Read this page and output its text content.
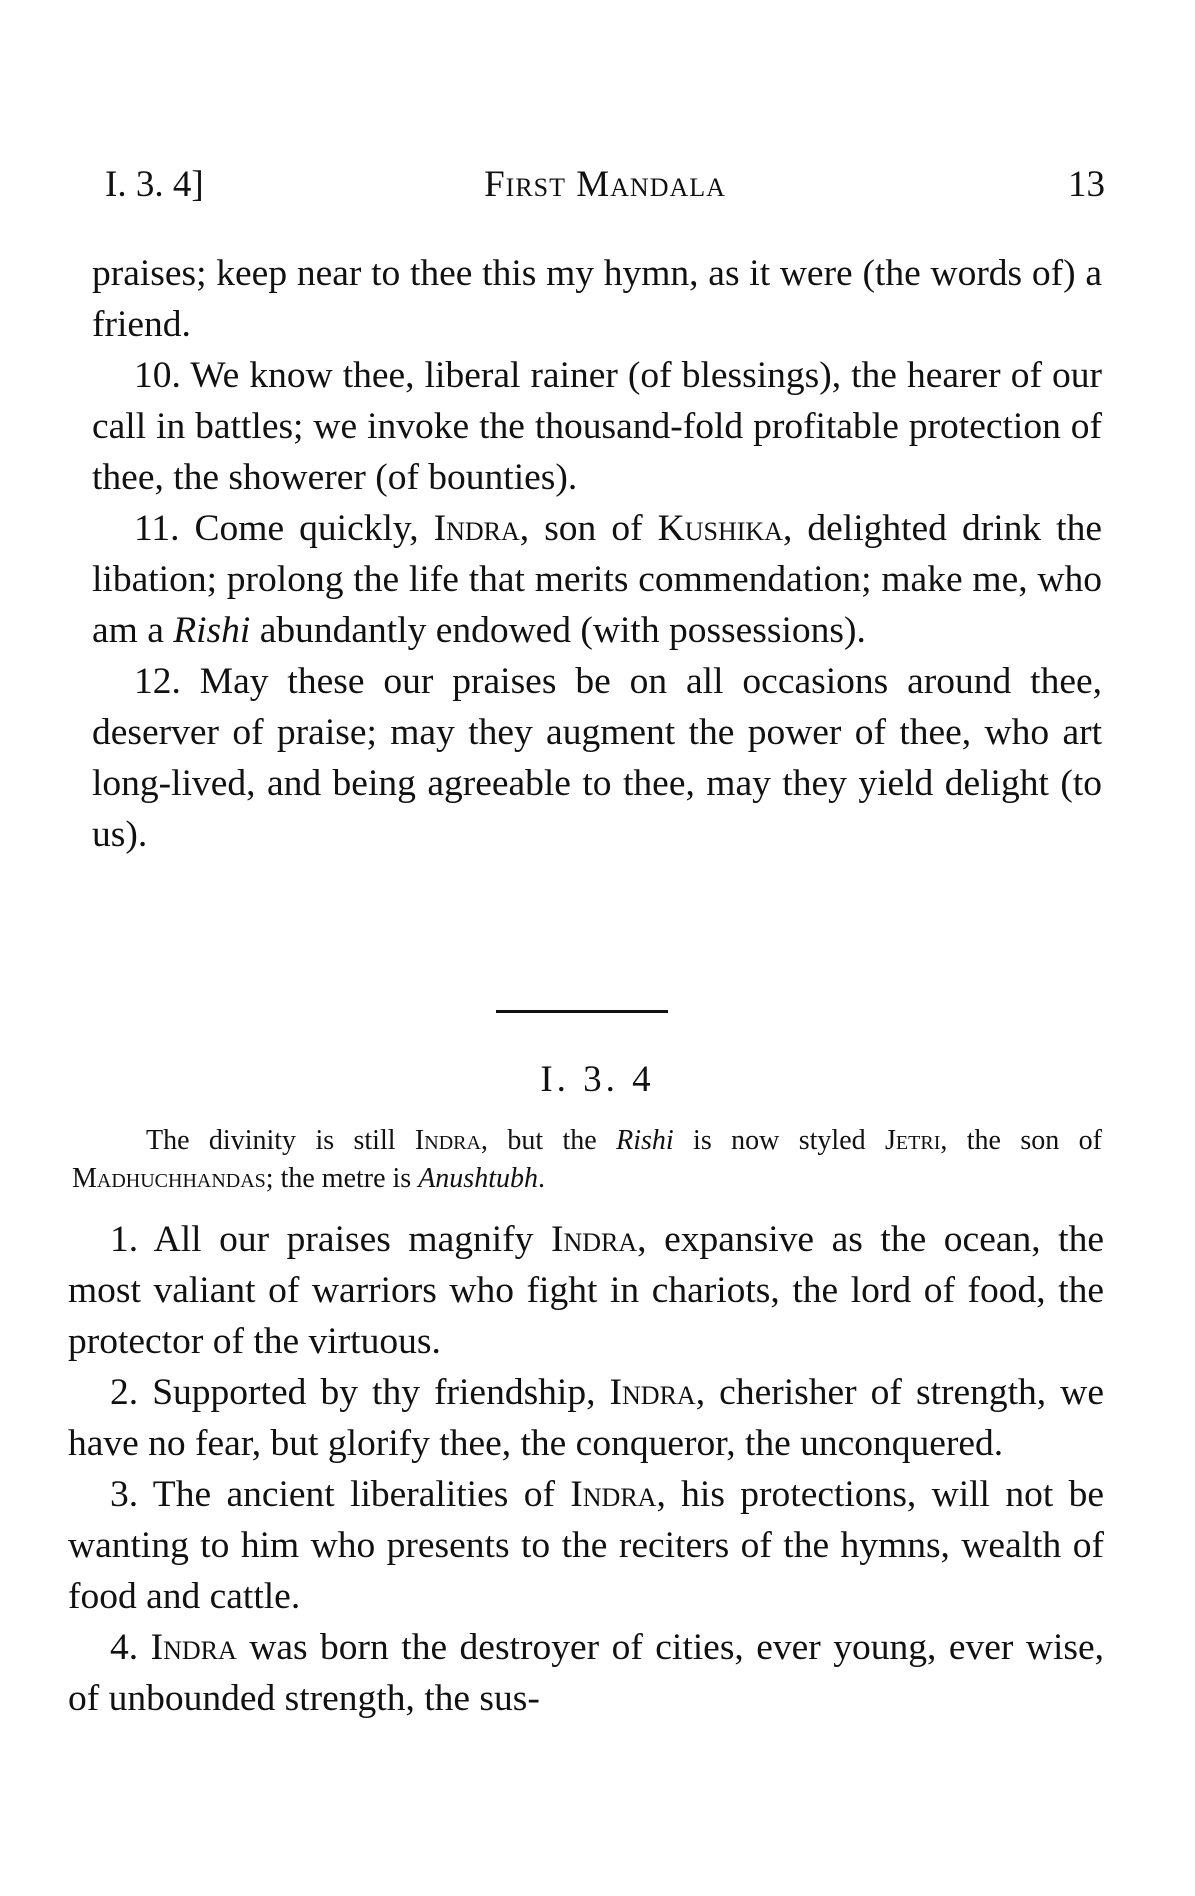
I. 3. 4]	First Mandala	13

praises; keep near to thee this my hymn, as it were (the words of) a friend.

10. We know thee, liberal rainer (of blessings), the hearer of our call in battles; we invoke the thousand-fold profitable protection of thee, the showerer (of bounties).

11. Come quickly, Indra, son of Kushika, delighted drink the libation; prolong the life that merits commendation; make me, who am a Rishi abundantly endowed (with possessions).

12. May these our praises be on all occasions around thee, deserver of praise; may they augment the power of thee, who art long-lived, and being agreeable to thee, may they yield delight (to us).

I. 3. 4

The divinity is still Indra, but the Rishi is now styled Jetri, the son of Madhuchhandas; the metre is Anushtubh.

1. All our praises magnify Indra, expansive as the ocean, the most valiant of warriors who fight in chariots, the lord of food, the protector of the virtuous.

2. Supported by thy friendship, Indra, cherisher of strength, we have no fear, but glorify thee, the conqueror, the unconquered.

3. The ancient liberalities of Indra, his protections, will not be wanting to him who presents to the reciters of the hymns, wealth of food and cattle.

4. Indra was born the destroyer of cities, ever young, ever wise, of unbounded strength, the sus-
